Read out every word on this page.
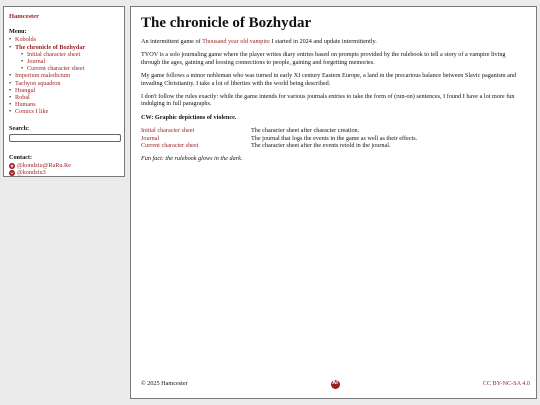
Hamcester
Menu:
• Kobolds
• The chronicle of Bozhydar
• Initial character sheet
• Journal
• Current character sheet
• Imperium maledictum
• Tachyon squadron
• Hrangul
• Robal
• Humans
• Comics I like
Search:
Contact:
@kondziu@RaRu.Re
@kondziu3
The chronicle of Bozhydar

An intermittent game of Thousand year old vampire I started in 2024 and update intermittently.

TYOV is a solo journaling game where the player writes diary entries based on prompts provided by the rulebook to tell a story of a vampire living through the ages, gaining and loosing connections to people, gaining and forgetting memories.

My game follows a minor nobleman who was turned in early XI century Eastern Europe, a land in the precarious balance between Slavic paganism and invading Christianity. I take a lot of liberties with the world being described.

I don't follow the rules exactly: while the game intends for various journals entries to take the form of (run-on) sentences, I found I have a lot more fun indulging in full paragraphs.

CW: Graphic depictions of violence.

Initial character sheet	The character sheet after character creation.
Journal	The journal that logs the events in the game as well as their effects.
Current character sheet	The character sheet after the events retold in the journal.

Fun fact: the rulebook glows in the dark.

© 2025 Hamcester	AI	CC BY-NC-SA 4.0
